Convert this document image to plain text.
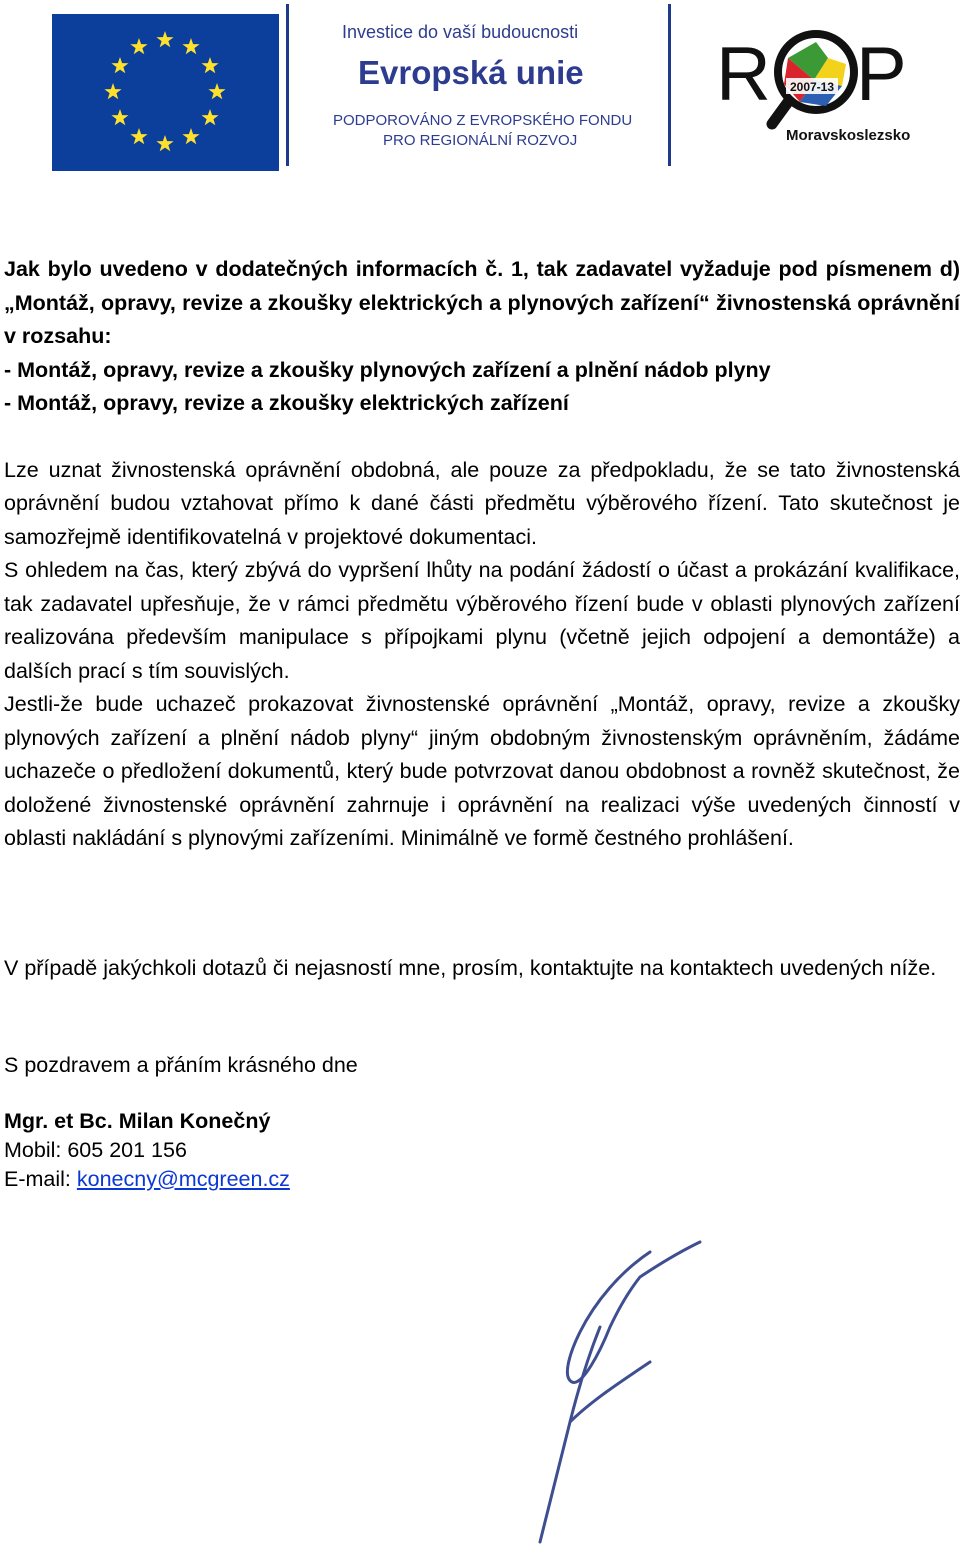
Investice do vaší budoucnosti
Evropská unie
PODPOROVÁNO Z EVROPSKÉHO FONDU
PRO REGIONÁLNÍ ROZVOJ
R 2007-13 P
Moravskoslezsko

Jak bylo uvedeno v dodatečných informacích č. 1, tak zadavatel vyžaduje pod písmenem d) „Montáž, opravy, revize a zkoušky elektrických a plynových zařízení“ živnostenská oprávnění v rozsahu:

- Montáž, opravy, revize a zkoušky plynových zařízení a plnění nádob plyny

- Montáž, opravy, revize a zkoušky elektrických zařízení

Lze uznat živnostenská oprávnění obdobná, ale pouze za předpokladu, že se tato živnostenská oprávnění budou vztahovat přímo k dané části předmětu výběrového řízení. Tato skutečnost je samozřejmě identifikovatelná v projektové dokumentaci.

S ohledem na čas, který zbývá do vypršení lhůty na podání žádostí o účast a prokázání kvalifikace, tak zadavatel upřesňuje, že v rámci předmětu výběrového řízení bude v oblasti plynových zařízení realizována především manipulace s přípojkami plynu (včetně jejich odpojení a demontáže) a dalších prací s tím souvislých.

Jestli-že bude uchazeč prokazovat živnostenské oprávnění „Montáž, opravy, revize a zkoušky plynových zařízení a plnění nádob plyny“ jiným obdobným živnostenským oprávněním, žádáme uchazeče o předložení dokumentů, který bude potvrzovat danou obdobnost a rovněž skutečnost, že doložené živnostenské oprávnění zahrnuje i oprávnění na realizaci výše uvedených činností v oblasti nakládání s plynovými zařízeními. Minimálně ve formě čestného prohlášení.

V případě jakýchkoli dotazů či nejasností mne, prosím, kontaktujte na kontaktech uvedených níže.

S pozdravem a přáním krásného dne

Mgr. et Bc. Milan Konečný
Mobil: 605 201 156
E-mail: konecny@mcgreen.cz
